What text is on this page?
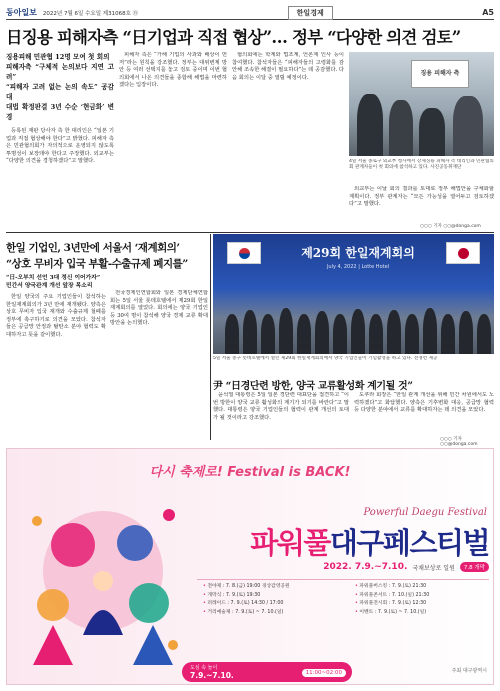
동아일보 2022년 7월 6일 수요일 제31068호 ⑮	한일경제	A5
日징용 피해자측 “日기업과 직접 협상”… 정부 “다양한 의견 검토”
징용피해 민관협 12명 모여 첫 회의
피해자측 “구체적 논의보다 지연 고려”
“피해자 고려 없는 논의 속도” 공감대
대법 확정판결 3년 수순 ‘현금화’ 변경

등록된 재판 당사자 측 한 대리인은 “일본 기업과 직접 협상해야 한다”고 밝혔다. 피해자 측은 민관협의회가 자의적으로 운영되지 않도록 투명성이 보장돼야 한다고 주장했다. 외교부는 “다양한 의견을 경청하겠다”고 말했다.

피해자 측은 “가해 기업의 사과와 배상이 먼저”라는 원칙을 강조했다. 정부는 대위변제 방안 등 여러 선택지를 놓고 검토 중이며 이번 협의회에서 나온 의견들을 종합해 해법을 마련하겠다는 입장이다.

협의회에는 학계와 법조계, 언론계 인사 등이 참여했다. 참석자들은 “피해자들의 고령화를 감안해 조속한 해결이 필요하다”는 데 공감했다. 다음 회의는 이달 중 열릴 예정이다.

징용 피해자 측
4일 서울 종로구 외교부 청사에서 강제징용 피해자 측 대리인과 민관협의회 관계자들이 첫 회의에 참석하고 있다. 사진공동취재단

외교부는 이날 회의 결과를 토대로 정부 해법안을 구체화할 계획이다. 정부 관계자는 “모든 가능성을 열어두고 검토하겠다”고 말했다.

○○○ 기자 ○○@donga.com
한일 기업인, 3년만에 서울서 ‘재계회의’
“상호 무비자 입국 부활-수출규제 폐지를”
“日-오부치 선언 3대 정신 이어가자”
민간서 양국관계 개선 앞장 목소리

한일 양국의 주요 기업인들이 참석하는 한일재계회의가 3년 만에 재개됐다. 양측은 상호 무비자 입국 재개와 수출규제 철폐를 정부에 촉구하기로 의견을 모았다. 참석자들은 공급망 안정과 탈탄소 분야 협력도 확대하자고 뜻을 같이했다.

전국경제인연합회와 일본 경제단체연합회는 5일 서울 롯데호텔에서 제29회 한일재계회의를 열었다. 회의에는 양국 기업인 등 30여 명이 참석해 양국 경제 교류 확대 방안을 논의했다.

제29회 한일재계회의
July 4, 2022 | Lotte Hotel
5일 서울 중구 롯데호텔에서 열린 제29회 한일재계회의에서 양국 기업인들이 기념촬영을 하고 있다. 전경련 제공
尹 “日경단련 방한, 양국 교류활성화 계기될 것”

윤석열 대통령은 5일 일본 경단련 대표단을 접견하고 “이번 방한이 양국 교류 활성화의 계기가 되기를 바란다”고 말했다. 대통령은 양국 기업인들의 협력이 관계 개선의 토대가 될 것이라고 강조했다.

도쿠라 회장은 “한일 관계 개선을 위해 민간 차원에서도 노력하겠다”고 화답했다. 양측은 기후변화 대응, 공급망 협력 등 다양한 분야에서 교류를 확대하자는 데 의견을 모았다.

○○○ 기자 ○○@donga.com
다시 축제로! Festival is BACK!
Powerful Daegu Festival
파워풀대구페스티벌
2022. 7.9.~7.10. 국채보상로 일원	7.8 개막
• 전야제 : 7. 8.(금) 19:00 경상감영공원
• 개막식 : 7. 9.(토) 19:30
• 퍼레이드 : 7. 9.(토) 14:30 / 17:00
• 거리예술제 : 7. 9.(토) ~ 7. 10.(일)
• 파워풀버스킹 : 7. 9.(토) 21:30
• 파워풀콘서트 : 7. 10.(일) 21:30
• 파워풀전시회 : 7. 9.(토) 12:30
• 이벤트 : 7. 9.(토) ~ 7. 10.(일)
도심 속 놀이
7.9.~7.10.	11:00~02:00	주최 대구광역시
